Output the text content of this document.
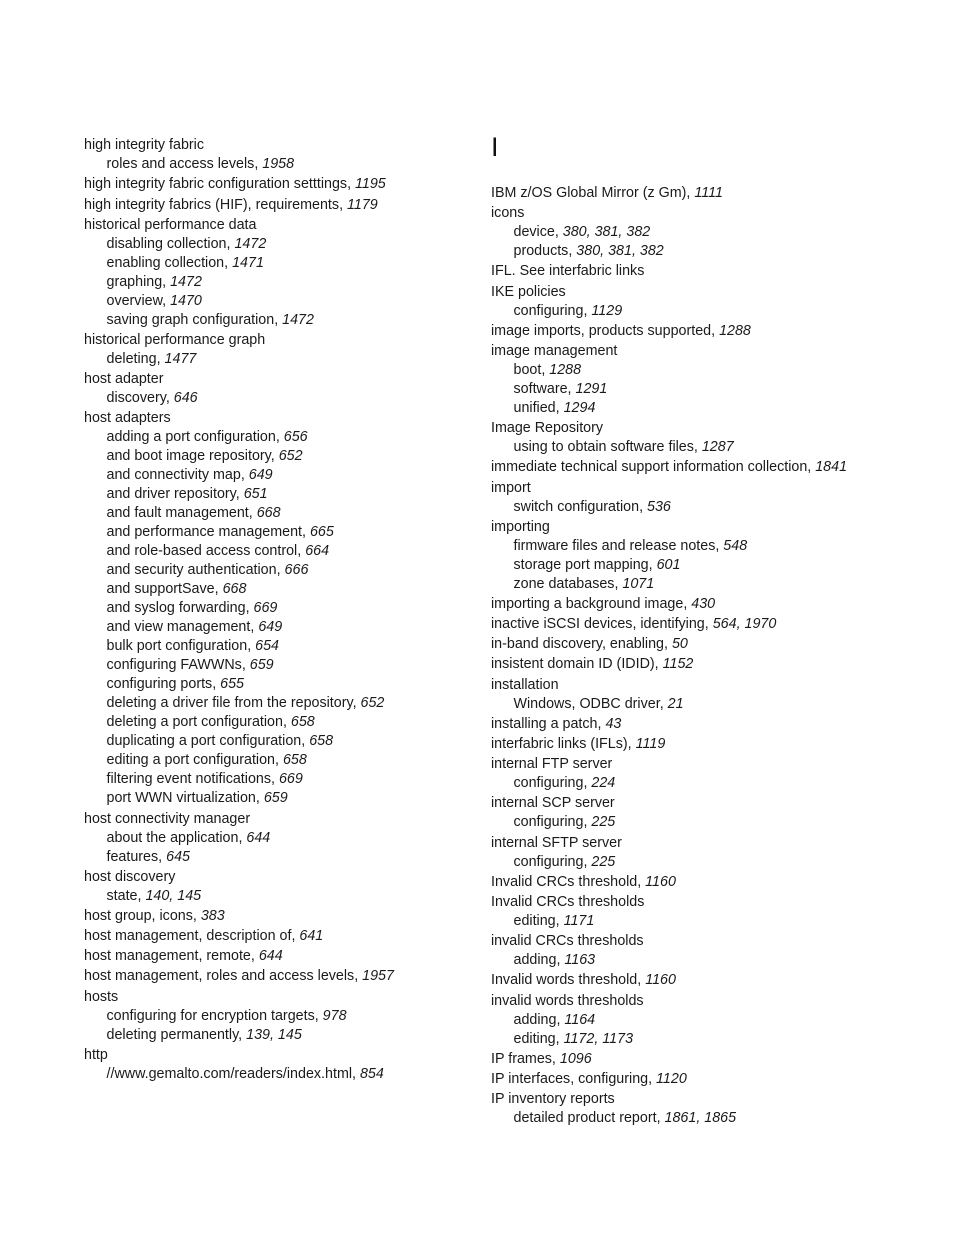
high integrity fabric
roles and access levels, 1958
high integrity fabric configuration setttings, 1195
high integrity fabrics (HIF), requirements, 1179
historical performance data
disabling collection, 1472
enabling collection, 1471
graphing, 1472
overview, 1470
saving graph configuration, 1472
historical performance graph
deleting, 1477
host adapter
discovery, 646
host adapters
adding a port configuration, 656
and boot image repository, 652
and connectivity map, 649
and driver repository, 651
and fault management, 668
and performance management, 665
and role-based access control, 664
and security authentication, 666
and supportSave, 668
and syslog forwarding, 669
and view management, 649
bulk port configuration, 654
configuring FAWWNs, 659
configuring ports, 655
deleting a driver file from the repository, 652
deleting a port configuration, 658
duplicating a port configuration, 658
editing a port configuration, 658
filtering event notifications, 669
port WWN virtualization, 659
host connectivity manager
about the application, 644
features, 645
host discovery
state, 140, 145
host group, icons, 383
host management, description of, 641
host management, remote, 644
host management, roles and access levels, 1957
hosts
configuring for encryption targets, 978
deleting permanently, 139, 145
http
//www.gemalto.com/readers/index.html, 854
I
IBM z/OS Global Mirror (z Gm), 1111
icons
device, 380, 381, 382
products, 380, 381, 382
IFL. See interfabric links
IKE policies
configuring, 1129
image imports, products supported, 1288
image management
boot, 1288
software, 1291
unified, 1294
Image Repository
using to obtain software files, 1287
immediate technical support information collection, 1841
import
switch configuration, 536
importing
firmware files and release notes, 548
storage port mapping, 601
zone databases, 1071
importing a background image, 430
inactive iSCSI devices, identifying, 564, 1970
in-band discovery, enabling, 50
insistent domain ID (IDID), 1152
installation
Windows, ODBC driver, 21
installing a patch, 43
interfabric links (IFLs), 1119
internal FTP server
configuring, 224
internal SCP server
configuring, 225
internal SFTP server
configuring, 225
Invalid CRCs threshold, 1160
Invalid CRCs thresholds
editing, 1171
invalid CRCs thresholds
adding, 1163
Invalid words threshold, 1160
invalid words thresholds
adding, 1164
editing, 1172, 1173
IP frames, 1096
IP interfaces, configuring, 1120
IP inventory reports
detailed product report, 1861, 1865
